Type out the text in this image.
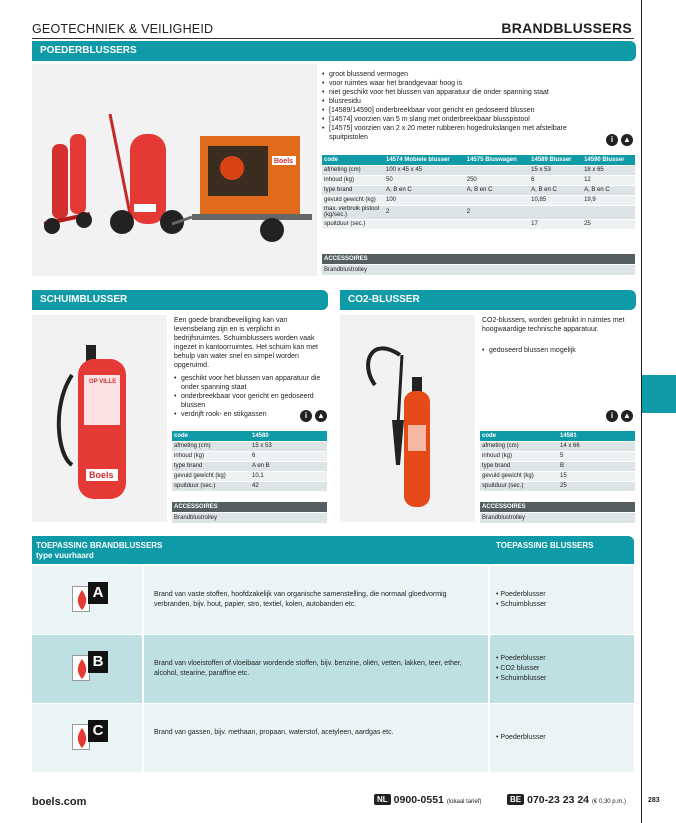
GEOTECHNIEK & VEILIGHEID	BRANDBLUSSERS
POEDERBLUSSERS
Boels
• groot blussend vermogen
• voor ruimtes waar het brandgevaar hoog is
• niet geschikt voor het blussen van apparatuur die onder spanning staat
• blusresidu
• [14589/14590] onderbreekbaar voor gericht en gedoseerd blussen
• [14574] voorzien van 5 m slang met onderbreekbaar blusspistool
• [14575] voorzien van 2 x 20 meter rubberen hogedrukslangen met afstelbare spuitpistolen	i	▲
code	14574 Mobiele blusser	14575 Bluswagen	14589 Blusser	14590 Blusser
afmeting (cm)	100 x 45 x 45		15 x 53	18 x 65
inhoud (kg)	50	250	6	12
type brand	A, B en C	A, B en C	A, B en C	A, B en C
gevuld gewicht (kg)	100		10,85	19,9
max. verbruik pistool (kg/sec.)	2	2		
spuitduur (sec.)			17	25
ACCESSOIRES
Brandblustrolley
SCHUIMBLUSSER
OP VILLE
Boels

Een goede brandbeveiliging kan van levensbelang zijn en is verplicht in bedrijfsruimtes. Schuimblussers worden vaak ingezet in kantoorruimtes. Het schuim kan met behulp van water snel en simpel worden opgeruimd.

• geschikt voor het blussen van apparatuur die onder spanning staat
• onderbreekbaar voor gericht en gedoseerd blussen
• verdrijft rook- en stikgassen	i	▲
code	14580
afmeting (cm)	15 x 53
inhoud (kg)	6
type brand	A en B
gevuld gewicht (kg)	10,1
spuitduur (sec.)	42
ACCESSOIRES
Brandblustrolley
CO2-BLUSSER

CO2-blussers, worden gebruikt in ruimtes met hoogwaardige technische apparatuur.

• gedoseerd blussen mogelijk
i	▲
code	14581
afmeting (cm)	14 x 66
inhoud (kg)	5
type brand	B
gevuld gewicht (kg)	15
spuitduur (sec.)	25
ACCESSOIRES
Brandblustrolley
TOEPASSING BRANDBLUSSERS
type vuurhaard
TOEPASSING BLUSSERS
A	Brand van vaste stoffen, hoofdzakelijk van organische samenstelling, die normaal gloedvormig verbranden, bijv. hout, papier, stro, textiel, kolen, autobanden etc.
• Poederblusser
• Schuimblusser
B	Brand van vloeistoffen of vloeibaar wordende stoffen, bijv. benzine, oliën, vetten, lakken, teer, ether, alcohol, stearine, paraffine etc.
• Poederblusser
• CO2 blusser
• Schuimblusser
C	Brand van gassen, bijv. methaan, propaan, waterstof, acetyleen, aardgas etc.
• Poederblusser
boels.com	NL 0900-0551 (lokaal tarief)	BE 070-23 23 24 (€ 0,30 p.m.)	283
